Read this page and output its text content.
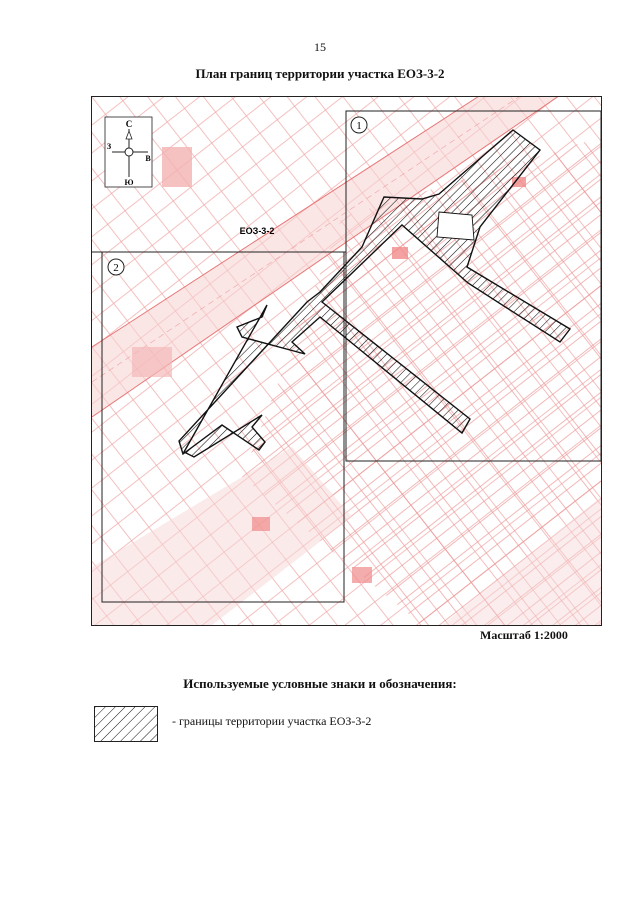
15
План границ территории участка ЕОЗ-3-2
1
2
С
Ю
З
В
ЕОЗ-3-2
Масштаб 1:2000
Используемые условные знаки и обозначения:
- границы территории участка ЕОЗ-3-2
